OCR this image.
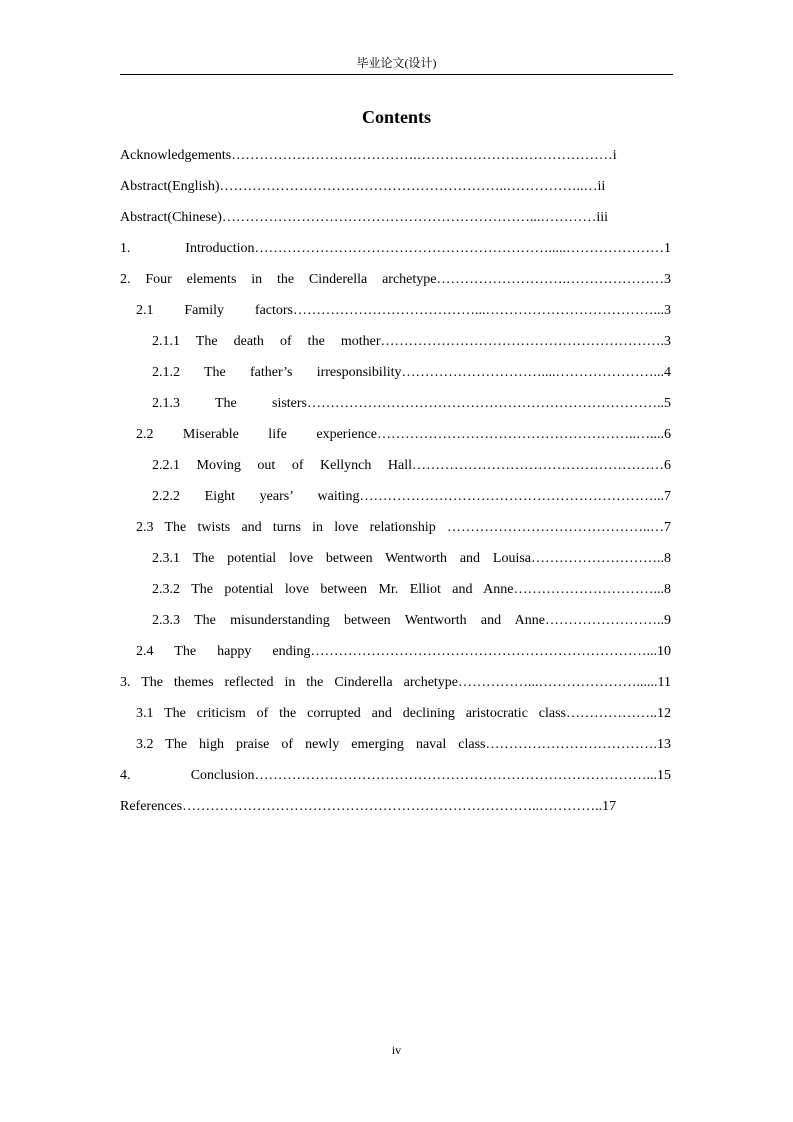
毕业论文(设计)
Contents
Acknowledgements………………………………….……………………………………i
Abstract(English)……………………………………………………..……………..…ii
Abstract(Chinese)…………………………………………………………...…………iii
1. Introduction……………………………………………………….....…………………1
2. Four elements in the Cinderella archetype……………………….…………………3
2.1 Family factors…………………………………...………………………………...3
2.1.1 The death of the mother…………………………………………………….3
2.1.2 The father’s irresponsibility…………………………....…………………...4
2.1.3 The sisters…………………………………………………………………..5
2.2 Miserable life experience………………………………………………..…....6
2.2.1 Moving out of Kellynch Hall………………………………………………6
2.2.2 Eight years’ waiting………………………………………………………...7
2.3 The twists and turns in love relationship ……………………………………..…7
2.3.1 The potential love between Wentworth and Louisa………………………..8
2.3.2 The potential love between Mr. Elliot and Anne…………………………...8
2.3.3 The misunderstanding between Wentworth and Anne……………………..9
2.4 The happy ending………………………………………………………………...10
3. The themes reflected in the Cinderella archetype……………...…………………......11
3.1 The criticism of the corrupted and declining aristocratic class………………..12
3.2 The high praise of newly emerging naval class……………………………….13
4. Conclusion…………………………………………………………………………...15
References…………………………………………………………………..…………..17
iv
